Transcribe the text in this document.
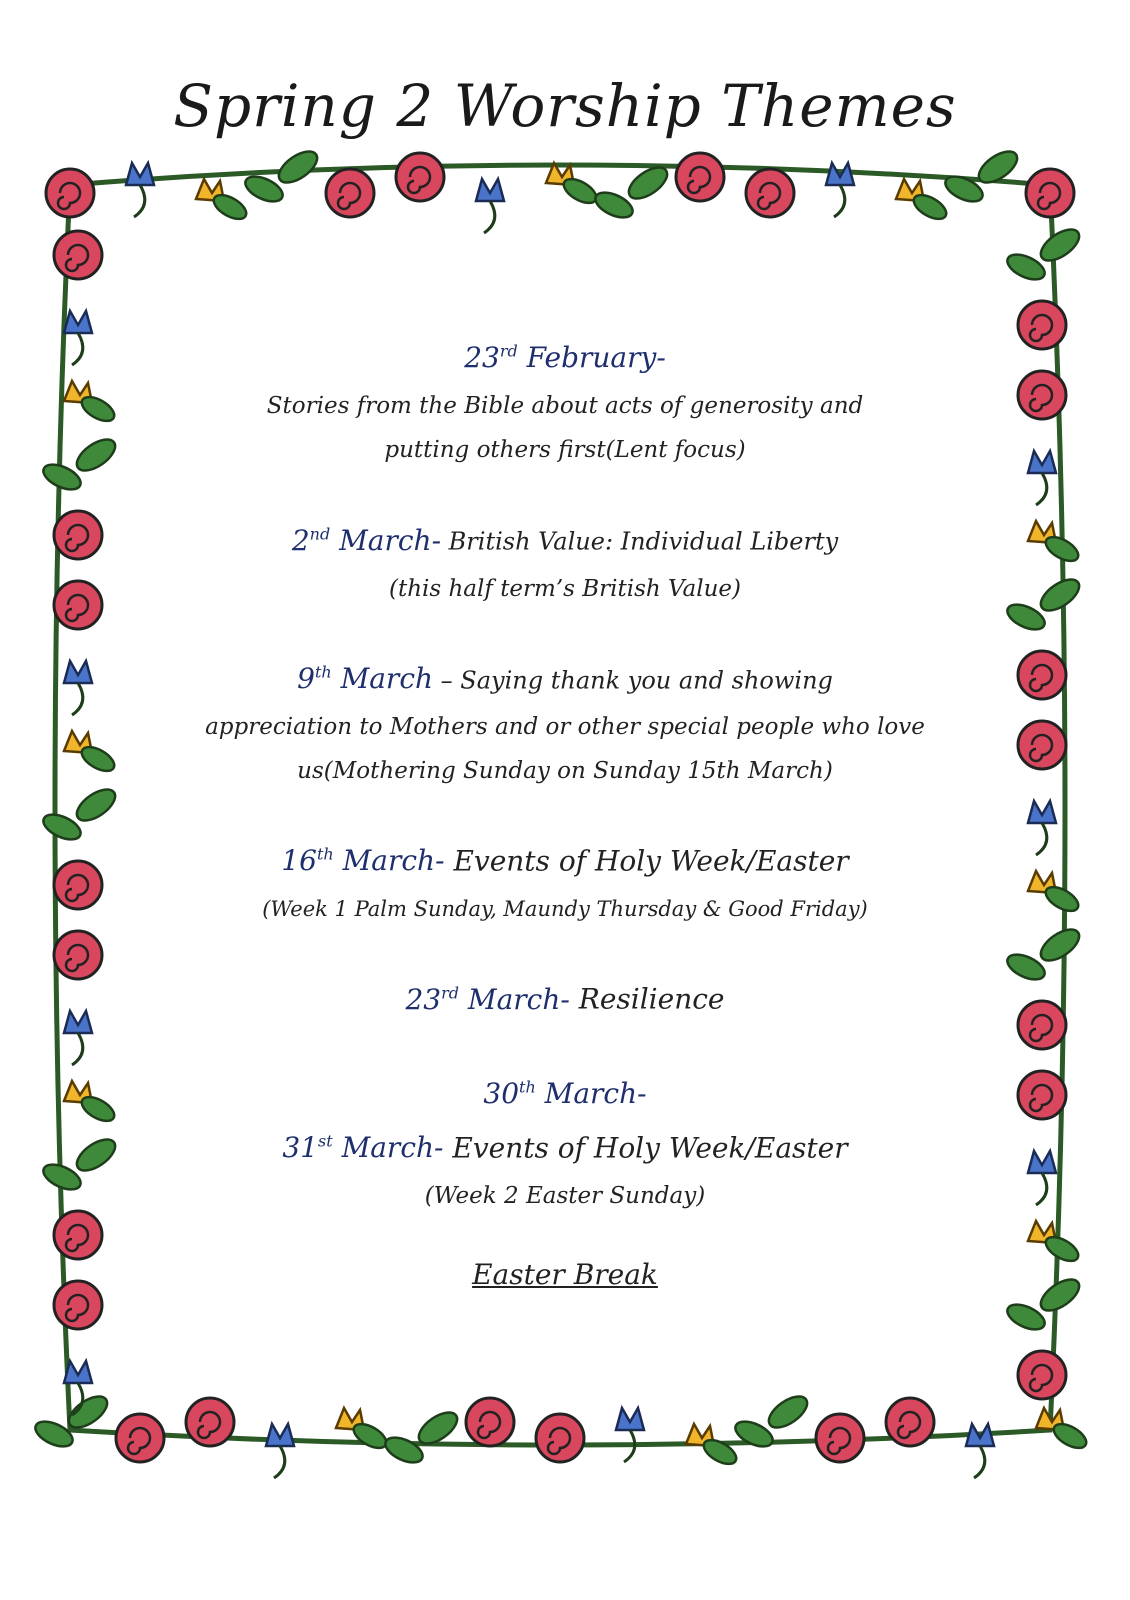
Spring 2 Worship Themes
23rd February-
Stories from the Bible about acts of generosity and
putting others first(Lent focus)
2nd March- British Value: Individual Liberty
(this half term’s British Value)
9th March – Saying thank you and showing
appreciation to Mothers and or other special people who love
us(Mothering Sunday on Sunday 15th March)
16th March- Events of Holy Week/Easter
(Week 1 Palm Sunday, Maundy Thursday & Good Friday)
23rd March- Resilience
30th March-
31st March- Events of Holy Week/Easter
(Week 2 Easter Sunday)
Easter Break
